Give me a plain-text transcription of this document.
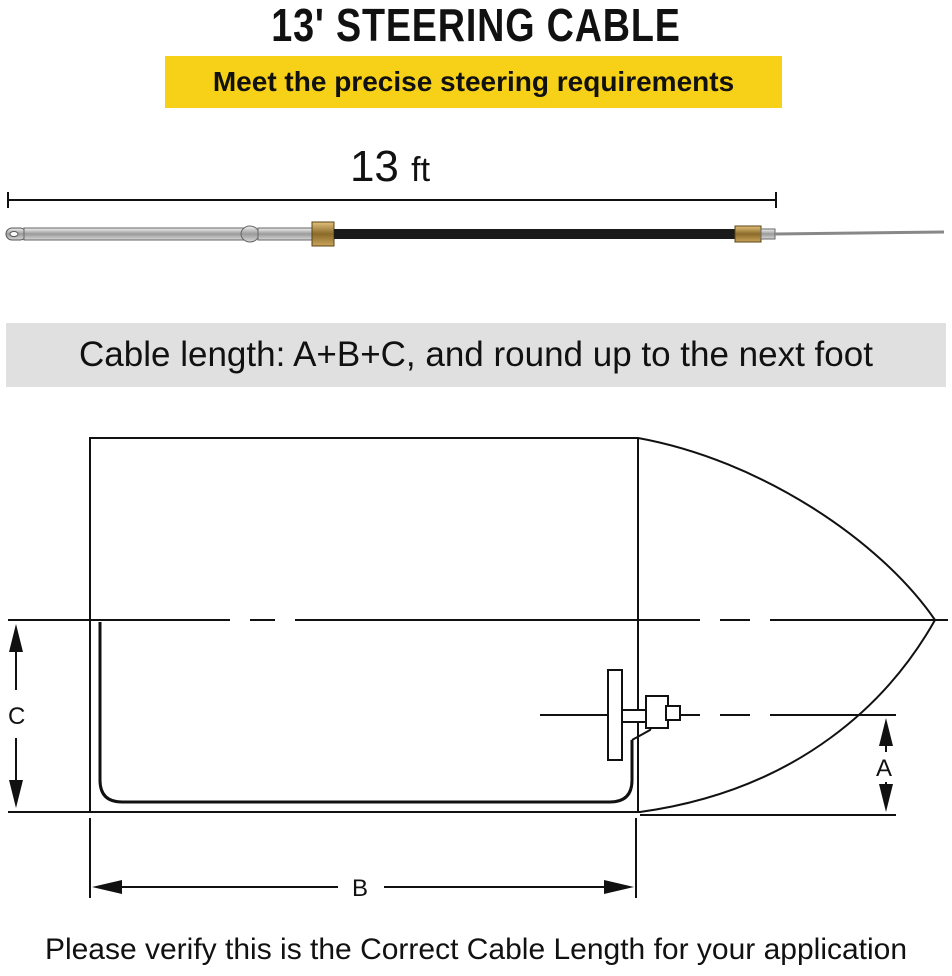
13' STEERING CABLE
Meet the precise steering requirements
13 ft
Cable length: A+B+C, and round up to the next foot
C
A
B
Please verify this is the Correct Cable Length for your application
